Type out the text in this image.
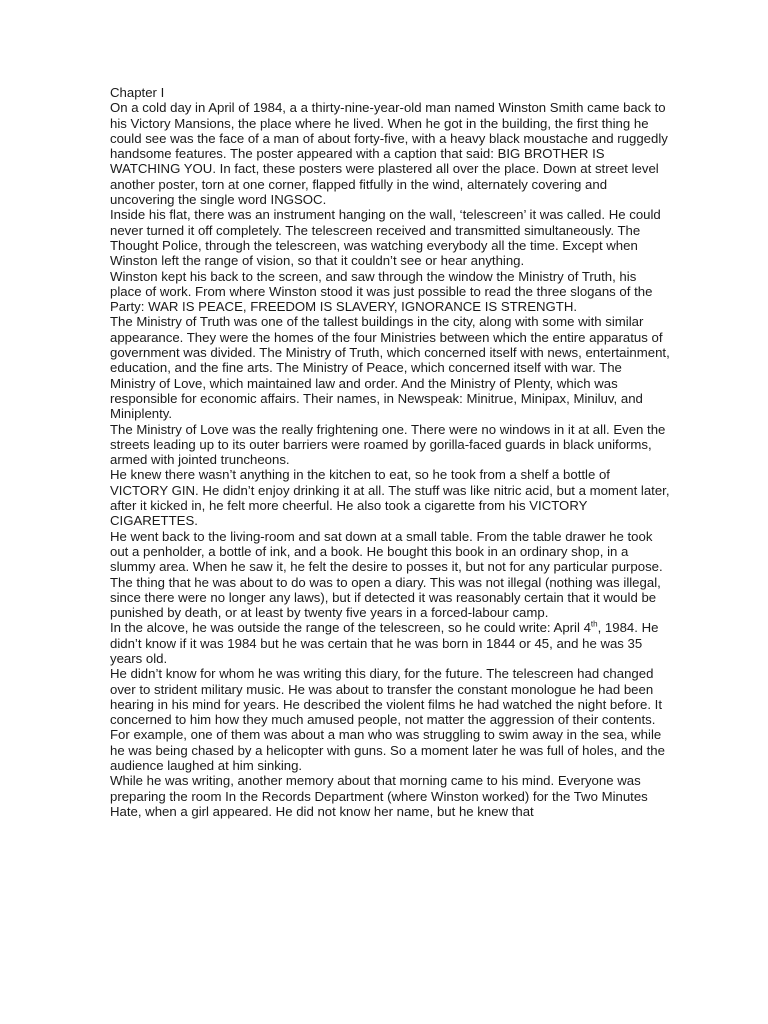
Chapter I

On a cold day in April of 1984, a a thirty-nine-year-old man named Winston Smith came back to his Victory Mansions, the place where he lived. When he got in the building, the first thing he could see was the face of a man of about forty-five, with a heavy black moustache and ruggedly handsome features. The poster appeared with a caption that said: BIG BROTHER IS WATCHING YOU. In fact, these posters were plastered all over the place. Down at street level another poster, torn at one corner, flapped fitfully in the wind, alternately covering and uncovering the single word INGSOC.

Inside his flat, there was an instrument hanging on the wall, ‘telescreen’ it was called. He could never turned it off completely. The telescreen received and transmitted simultaneously. The Thought Police, through the telescreen, was watching everybody all the time. Except when Winston left the range of vision, so that it couldn’t see or hear anything.

Winston kept his back to the screen, and saw through the window the Ministry of Truth, his place of work. From where Winston stood it was just possible to read the three slogans of the Party: WAR IS PEACE, FREEDOM IS SLAVERY, IGNORANCE IS STRENGTH.

The Ministry of Truth was one of the tallest buildings in the city, along with some with similar appearance. They were the homes of the four Ministries between which the entire apparatus of government was divided. The Ministry of Truth, which concerned itself with news, entertainment, education, and the fine arts. The Ministry of Peace, which concerned itself with war. The Ministry of Love, which maintained law and order. And the Ministry of Plenty, which was responsible for economic affairs. Their names, in Newspeak: Minitrue, Minipax, Miniluv, and Miniplenty.

The Ministry of Love was the really frightening one. There were no windows in it at all. Even the streets leading up to its outer barriers were roamed by gorilla-faced guards in black uniforms, armed with jointed truncheons.

He knew there wasn’t anything in the kitchen to eat, so he took from a shelf a bottle of VICTORY GIN. He didn’t enjoy drinking it at all. The stuff was like nitric acid, but a moment later, after it kicked in, he felt more cheerful. He also took a cigarette from his VICTORY CIGARETTES.

He went back to the living-room and sat down at a small table. From the table drawer he took out a penholder, a bottle of ink, and a book. He bought this book in an ordinary shop, in a slummy area. When he saw it, he felt the desire to posses it, but not for any particular purpose.

The thing that he was about to do was to open a diary. This was not illegal (nothing was illegal, since there were no longer any laws), but if detected it was reasonably certain that it would be punished by death, or at least by twenty five years in a forced-labour camp.

In the alcove, he was outside the range of the telescreen, so he could write: April 4th, 1984. He didn’t know if it was 1984 but he was certain that he was born in 1844 or 45, and he was 35 years old.

He didn’t know for whom he was writing this diary, for the future. The telescreen had changed over to strident military music. He was about to transfer the constant monologue he had been hearing in his mind for years. He described the violent films he had watched the night before. It concerned to him how they much amused people, not matter the aggression of their contents. For example, one of them was about a man who was struggling to swim away in the sea, while he was being chased by a helicopter with guns. So a moment later he was full of holes, and the audience laughed at him sinking.

While he was writing, another memory about that morning came to his mind. Everyone was preparing the room In the Records Department (where Winston worked) for the Two Minutes Hate, when a girl appeared. He did not know her name, but he knew that
